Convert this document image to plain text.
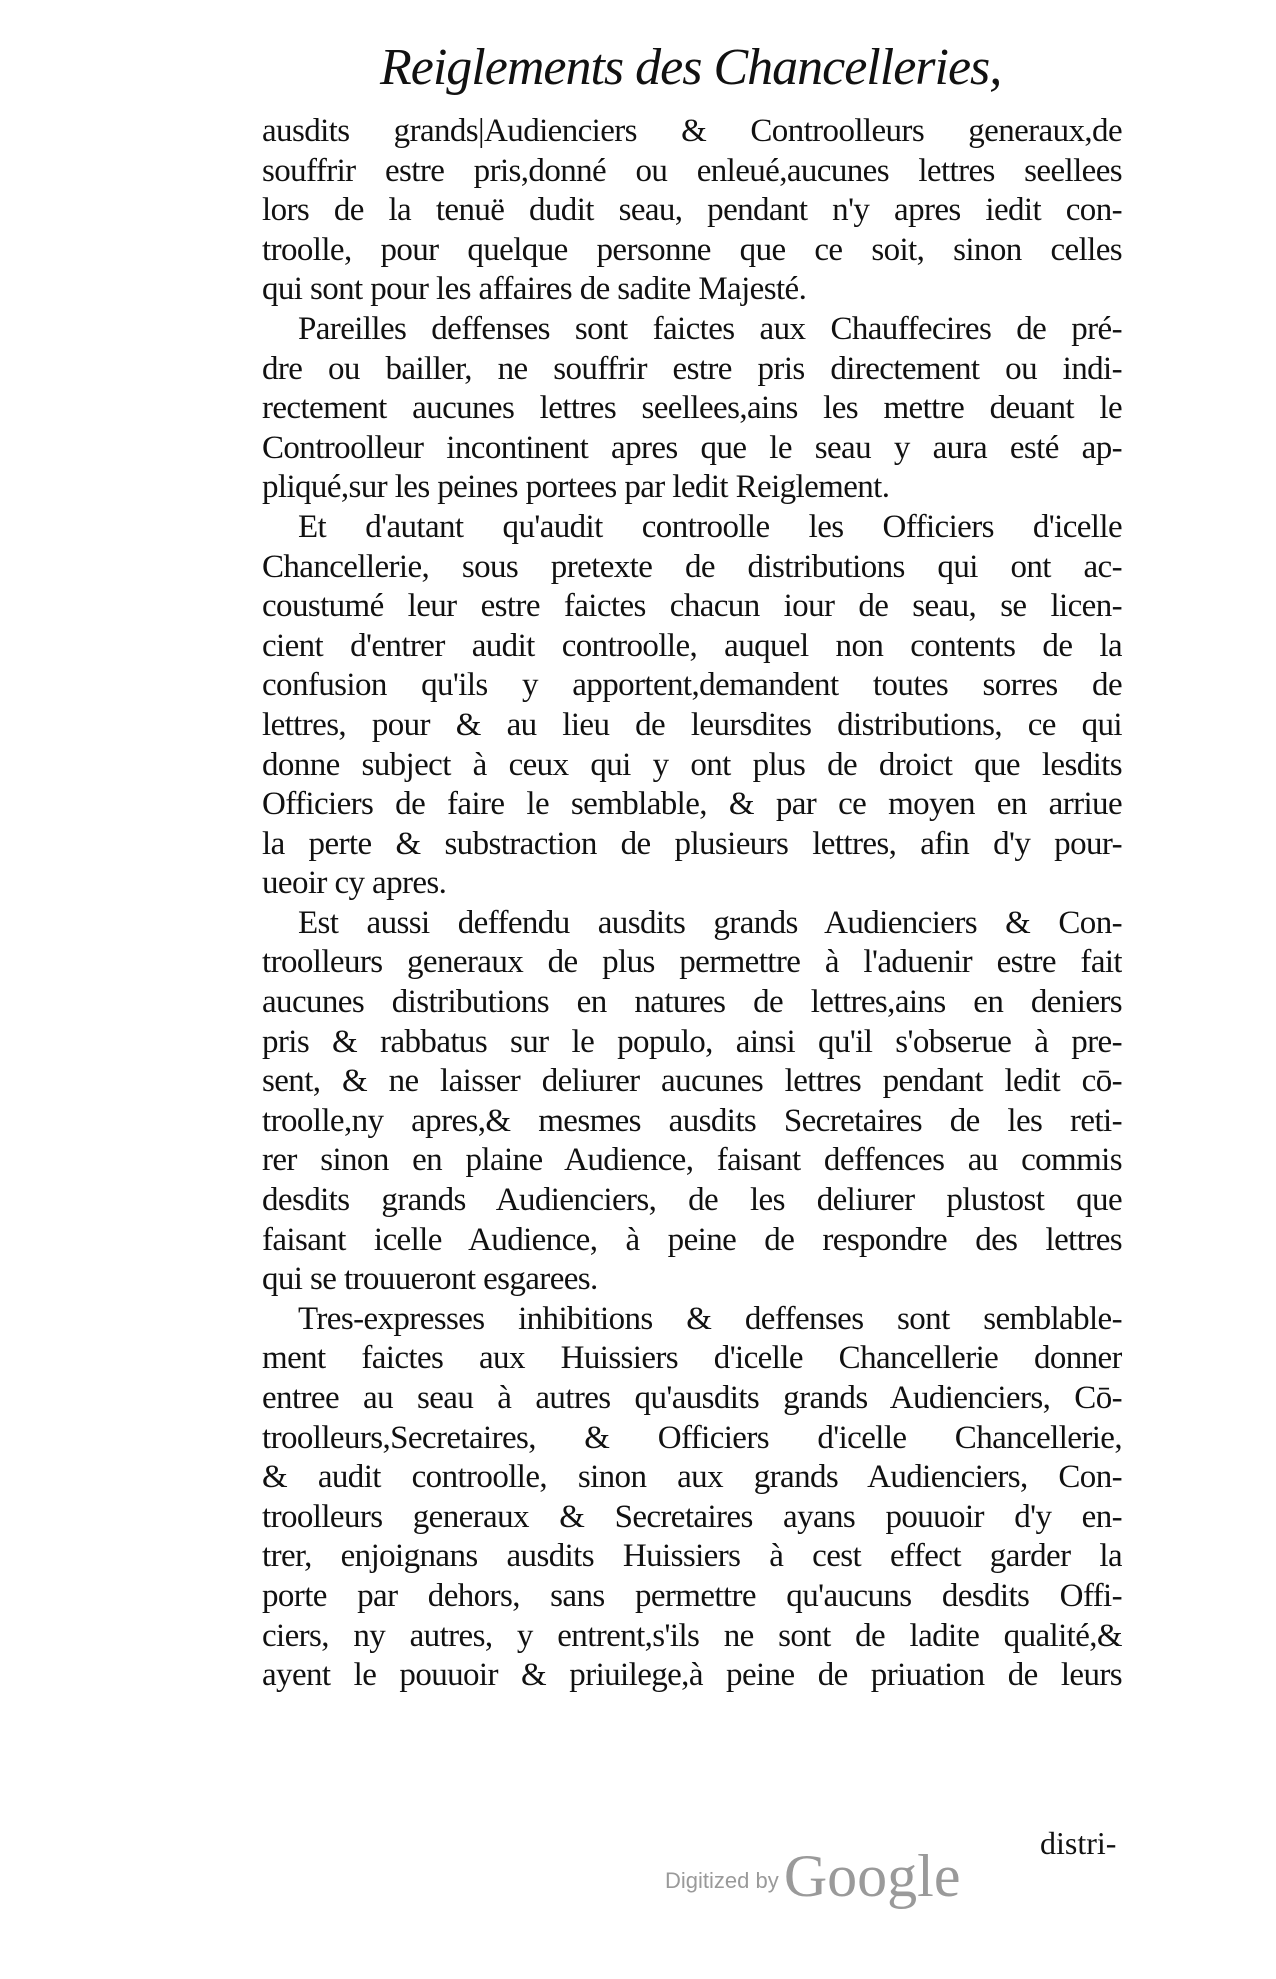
Reiglements des Chancelleries,
ausdits grands|Audienciers & Controolleurs generaux,de
souffrir estre pris,donné ou enleué,aucunes lettres seellees
lors de la tenuë dudit seau, pendant n'y apres iedit con-
troolle, pour quelque personne que ce soit, sinon celles
qui sont pour les affaires de sadite Majesté.
Pareilles deffenses sont faictes aux Chauffecires de pré-
dre ou bailler, ne souffrir estre pris directement ou indi-
rectement aucunes lettres seellees,ains les mettre deuant le
Controolleur incontinent apres que le seau y aura esté ap-
pliqué,sur les peines portees par ledit Reiglement.
Et d'autant qu'audit controolle les Officiers d'icelle
Chancellerie, sous pretexte de distributions qui ont ac-
coustumé leur estre faictes chacun iour de seau, se licen-
cient d'entrer audit controolle, auquel non contents de la
confusion qu'ils y apportent,demandent toutes sorres de
lettres, pour & au lieu de leursdites distributions, ce qui
donne subject à ceux qui y ont plus de droict que lesdits
Officiers de faire le semblable, & par ce moyen en arriue
la perte & substraction de plusieurs lettres, afin d'y pour-
ueoir cy apres.
Est aussi deffendu ausdits grands Audienciers & Con-
troolleurs generaux de plus permettre à l'aduenir estre fait
aucunes distributions en natures de lettres,ains en deniers
pris & rabbatus sur le populo, ainsi qu'il s'obserue à pre-
sent, & ne laisser deliurer aucunes lettres pendant ledit cō-
troolle,ny apres,& mesmes ausdits Secretaires de les reti-
rer sinon en plaine Audience, faisant deffences au commis
desdits grands Audienciers, de les deliurer plustost que
faisant icelle Audience, à peine de respondre des lettres
qui se trouueront esgarees.
Tres-expresses inhibitions & deffenses sont semblable-
ment faictes aux Huissiers d'icelle Chancellerie donner
entree au seau à autres qu'ausdits grands Audienciers, Cō-
troolleurs,Secretaires, & Officiers d'icelle Chancellerie,
& audit controolle, sinon aux grands Audienciers, Con-
troolleurs generaux & Secretaires ayans pouuoir d'y en-
trer, enjoignans ausdits Huissiers à cest effect garder la
porte par dehors, sans permettre qu'aucuns desdits Offi-
ciers, ny autres, y entrent,s'ils ne sont de ladite qualité,&
ayent le pouuoir & priuilege,à peine de priuation de leurs
distri-
Digitized by Google
